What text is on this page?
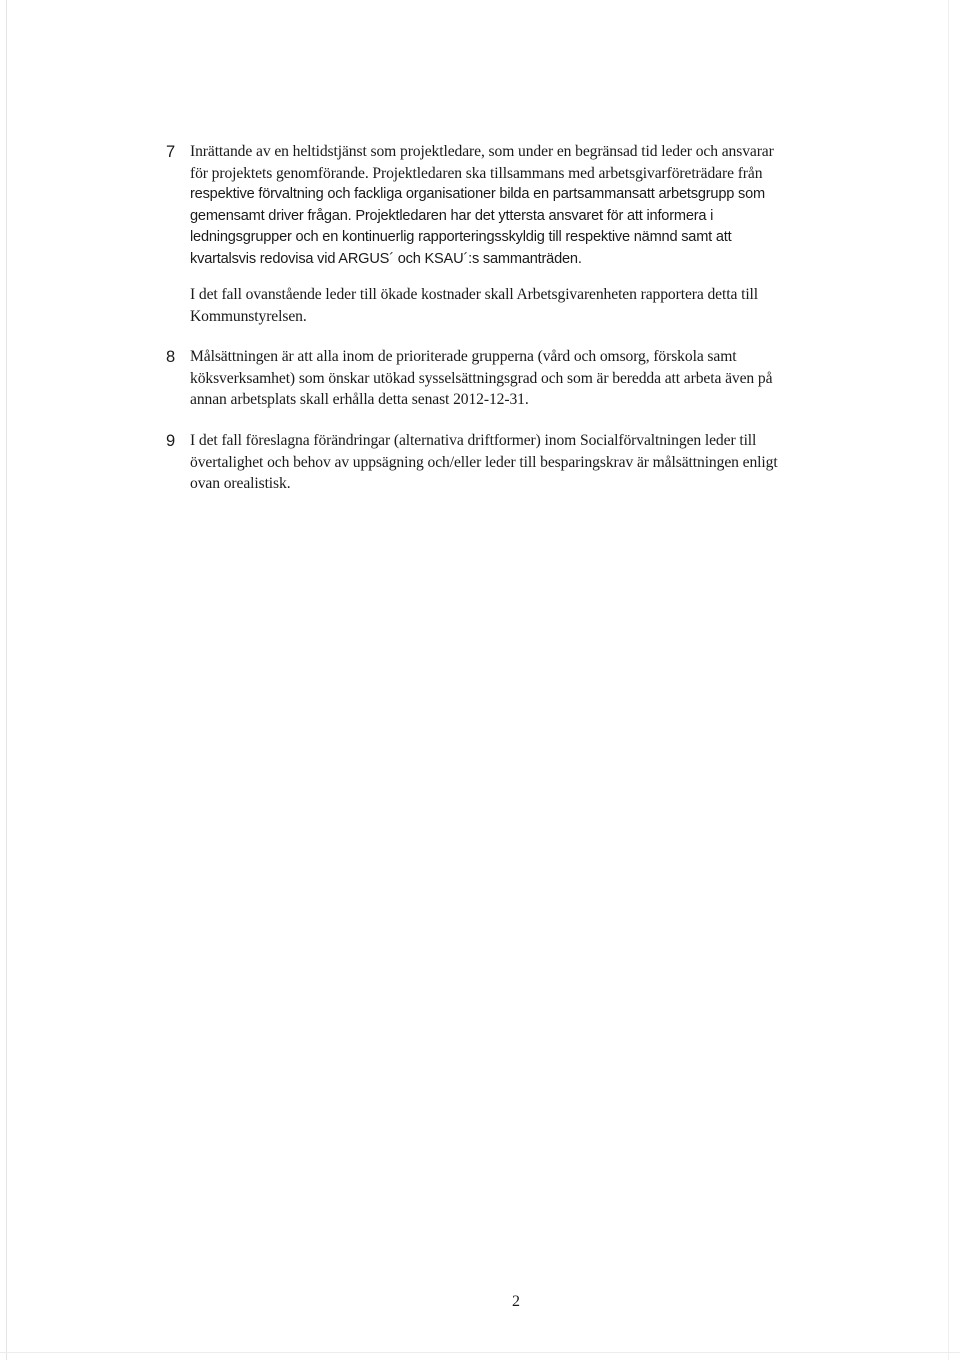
7 Inrättande av en heltidstjänst som projektledare, som under en begränsad tid leder och ansvarar
för projektets genomförande. Projektledaren ska tillsammans med arbetsgivarföreträdare från
respektive förvaltning och fackliga organisationer bilda en partsammansatt arbetsgrupp som
gemensamt driver frågan. Projektledaren har det yttersta ansvaret för att informera i
ledningsgrupper och en kontinuerlig rapporteringsskyldig till respektive nämnd samt att
kvartalsvis redovisa vid ARGUS´ och KSAU´:s sammanträden.
I det fall ovanstående leder till ökade kostnader skall Arbetsgivarenheten rapportera detta till
Kommunstyrelsen.
8 Målsättningen är att alla inom de prioriterade grupperna (vård och omsorg, förskola samt
köksverksamhet) som önskar utökad sysselsättningsgrad och som är beredda att arbeta även på
annan arbetsplats skall erhålla detta senast 2012-12-31.
9 I det fall föreslagna förändringar (alternativa driftformer) inom Socialförvaltningen leder till
övertalighet och behov av uppsägning och/eller leder till besparingskrav är målsättningen enligt
ovan orealistisk.
2
